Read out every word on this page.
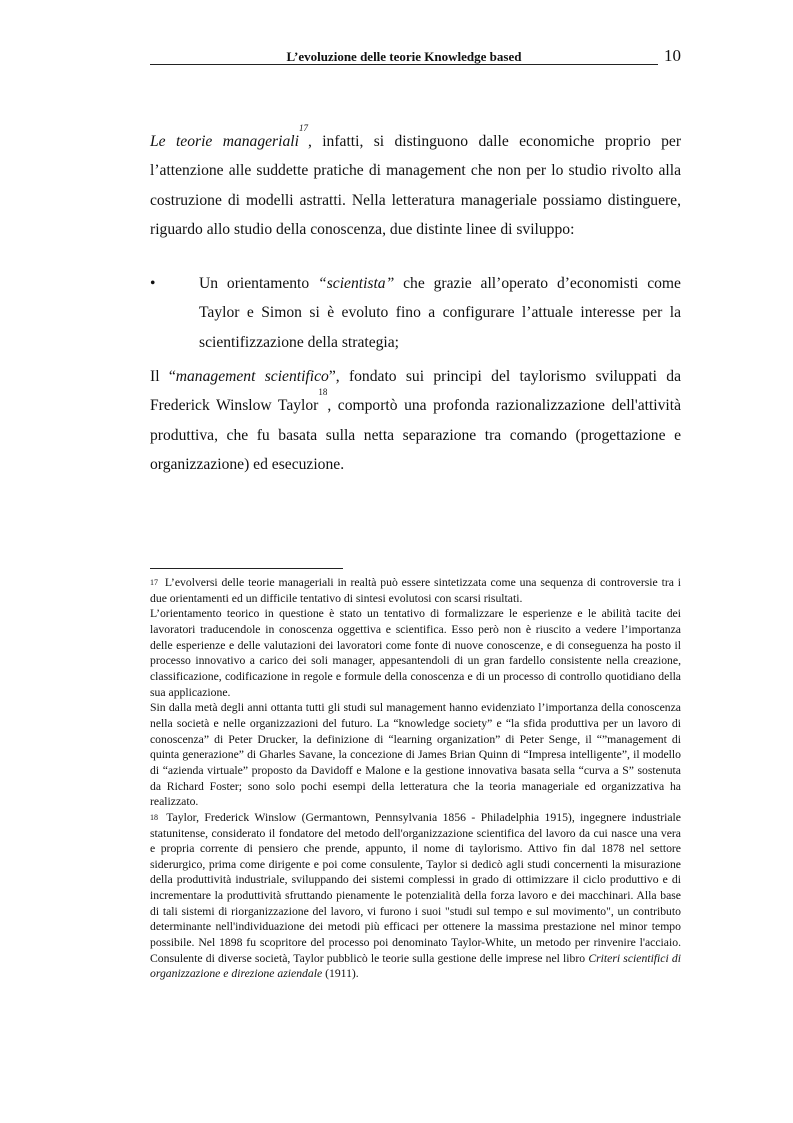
L’evoluzione delle teorie Knowledge based	10

Le teorie manageriali$^{17}$, infatti, si distinguono dalle economiche proprio per l’attenzione alle suddette pratiche di management che non per lo studio rivolto alla costruzione di modelli astratti. Nella letteratura manageriale possiamo distinguere, riguardo allo studio della conoscenza, due distinte linee di sviluppo:

•	Un orientamento “scientista” che grazie all’operato d’economisti come Taylor e Simon si è evoluto fino a configurare l’attuale interesse per la scientifizzazione della strategia;

Il “management scientifico”, fondato sui principi del taylorismo sviluppati da Frederick Winslow Taylor$^{18}$, comportò una profonda razionalizzazione dell'attività produttiva, che fu basata sulla netta separazione tra comando (progettazione e organizzazione) ed esecuzione.

$^{17}$ L’evolversi delle teorie manageriali in realtà può essere sintetizzata come una sequenza di controversie tra i due orientamenti ed un difficile tentativo di sintesi evolutosi con scarsi risultati.

L’orientamento teorico in questione è stato un tentativo di formalizzare le esperienze e le abilità tacite dei lavoratori traducendole in conoscenza oggettiva e scientifica. Esso però non è riuscito a vedere l’importanza delle esperienze e delle valutazioni dei lavoratori come fonte di nuove conoscenze, e di conseguenza ha posto il processo innovativo a carico dei soli manager, appesantendoli di un gran fardello consistente nella creazione, classificazione, codificazione in regole e formule della conoscenza e di un processo di controllo quotidiano della sua applicazione.

Sin dalla metà degli anni ottanta tutti gli studi sul management hanno evidenziato l’importanza della conoscenza nella società e nelle organizzazioni del futuro. La “knowledge society” e “la sfida produttiva per un lavoro di conoscenza” di Peter Drucker, la definizione di “learning organization” di Peter Senge, il “”management di quinta generazione” di Gharles Savane, la concezione di James Brian Quinn di “Impresa intelligente”, il modello di “azienda virtuale” proposto da Davidoff e Malone e la gestione innovativa basata sella “curva a S” sostenuta da Richard Foster; sono solo pochi esempi della letteratura che la teoria manageriale ed organizzativa ha realizzato.

$^{18}$ Taylor, Frederick Winslow (Germantown, Pennsylvania 1856 - Philadelphia 1915), ingegnere industriale statunitense, considerato il fondatore del metodo dell'organizzazione scientifica del lavoro da cui nasce una vera e propria corrente di pensiero che prende, appunto, il nome di taylorismo. Attivo fin dal 1878 nel settore siderurgico, prima come dirigente e poi come consulente, Taylor si dedicò agli studi concernenti la misurazione della produttività industriale, sviluppando dei sistemi complessi in grado di ottimizzare il ciclo produttivo e di incrementare la produttività sfruttando pienamente le potenzialità della forza lavoro e dei macchinari. Alla base di tali sistemi di riorganizzazione del lavoro, vi furono i suoi "studi sul tempo e sul movimento", un contributo determinante nell'individuazione dei metodi più efficaci per ottenere la massima prestazione nel minor tempo possibile. Nel 1898 fu scopritore del processo poi denominato Taylor-White, un metodo per rinvenire l'acciaio. Consulente di diverse società, Taylor pubblicò le teorie sulla gestione delle imprese nel libro Criteri scientifici di organizzazione e direzione aziendale (1911).
